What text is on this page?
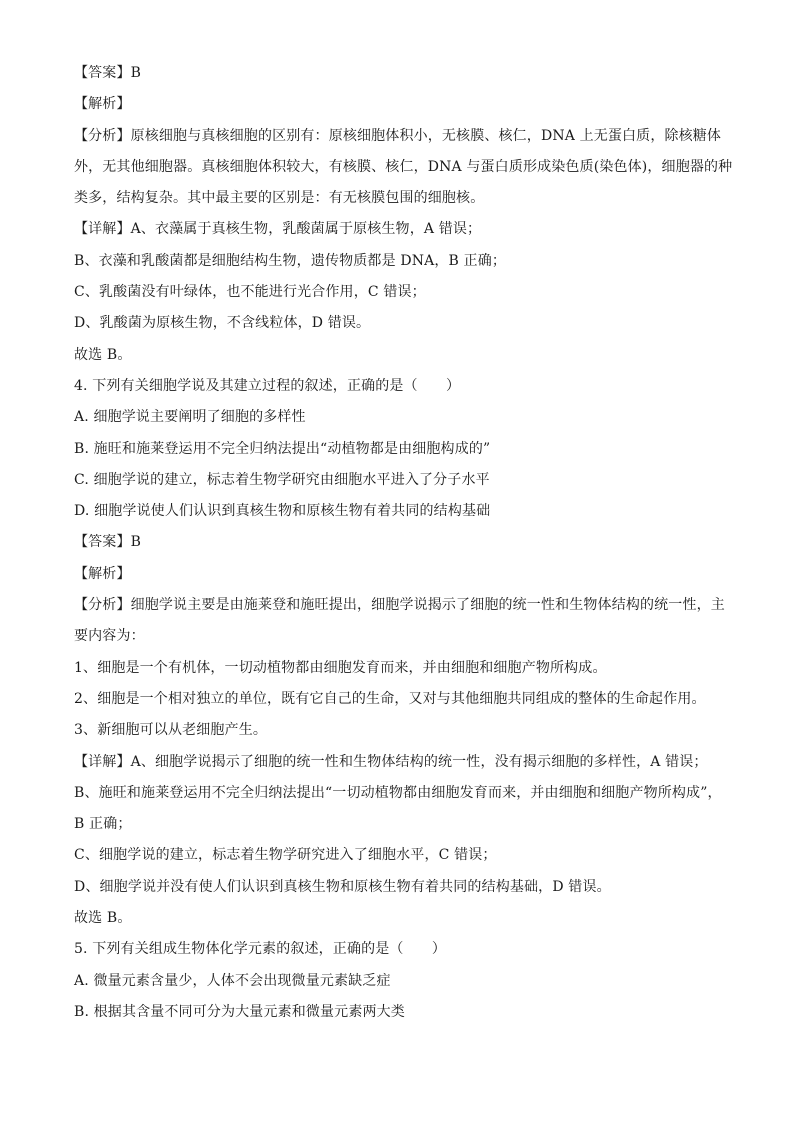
【答案】B
【解析】
【分析】原核细胞与真核细胞的区别有：原核细胞体积小，无核膜、核仁，DNA 上无蛋白质，除核糖体
外，无其他细胞器。真核细胞体积较大，有核膜、核仁，DNA 与蛋白质形成染色质(染色体)，细胞器的种
类多，结构复杂。其中最主要的区别是：有无核膜包围的细胞核。
【详解】A、衣藻属于真核生物，乳酸菌属于原核生物，A 错误；
B、衣藻和乳酸菌都是细胞结构生物，遗传物质都是 DNA，B 正确；
C、乳酸菌没有叶绿体，也不能进行光合作用，C 错误；
D、乳酸菌为原核生物，不含线粒体，D 错误。
故选 B。
4. 下列有关细胞学说及其建立过程的叙述，正确的是（　　）
A. 细胞学说主要阐明了细胞的多样性
B. 施旺和施莱登运用不完全归纳法提出“动植物都是由细胞构成的”
C. 细胞学说的建立，标志着生物学研究由细胞水平进入了分子水平
D. 细胞学说使人们认识到真核生物和原核生物有着共同的结构基础
【答案】B
【解析】
【分析】细胞学说主要是由施莱登和施旺提出，细胞学说揭示了细胞的统一性和生物体结构的统一性，主
要内容为：
1、细胞是一个有机体，一切动植物都由细胞发育而来，并由细胞和细胞产物所构成。
2、细胞是一个相对独立的单位，既有它自己的生命，又对与其他细胞共同组成的整体的生命起作用。
3、新细胞可以从老细胞产生。
【详解】A、细胞学说揭示了细胞的统一性和生物体结构的统一性，没有揭示细胞的多样性，A 错误；
B、施旺和施莱登运用不完全归纳法提出“一切动植物都由细胞发育而来，并由细胞和细胞产物所构成”，
B 正确；
C、细胞学说的建立，标志着生物学研究进入了细胞水平，C 错误；
D、细胞学说并没有使人们认识到真核生物和原核生物有着共同的结构基础，D 错误。
故选 B。
5. 下列有关组成生物体化学元素的叙述，正确的是（　　）
A. 微量元素含量少，人体不会出现微量元素缺乏症
B. 根据其含量不同可分为大量元素和微量元素两大类
